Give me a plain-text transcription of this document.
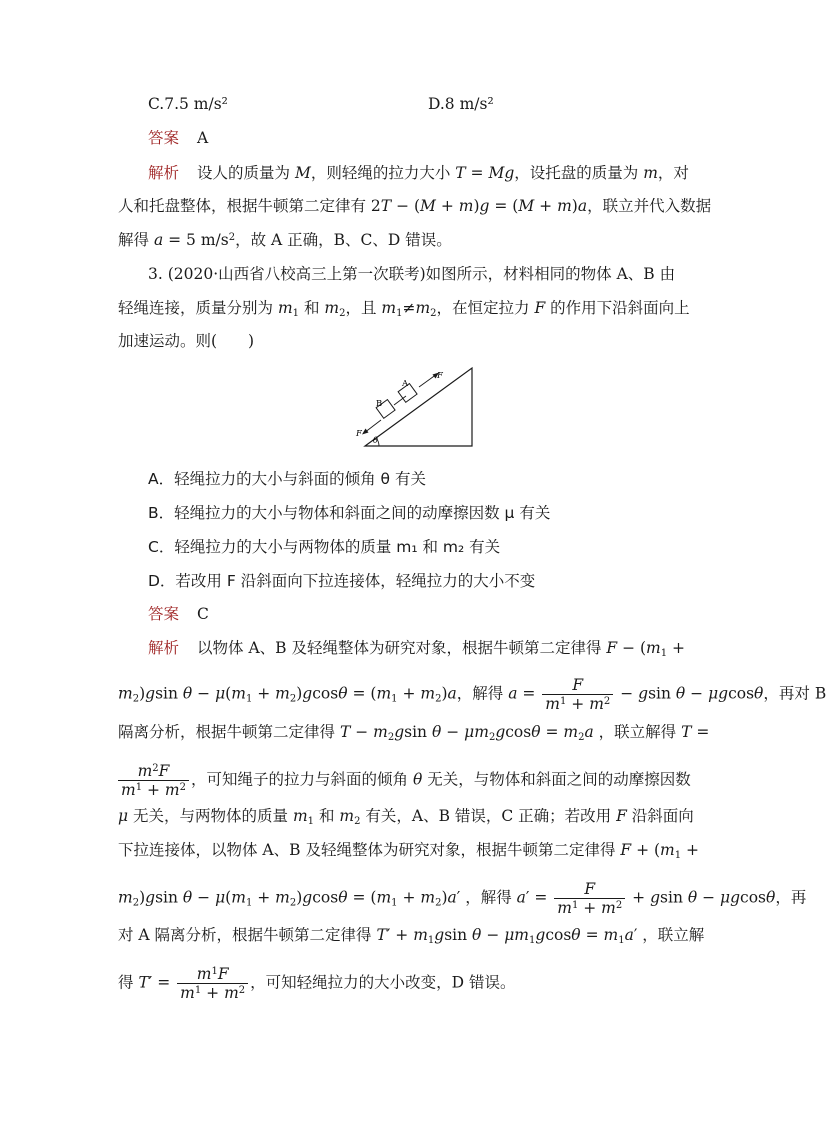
C.7.5 m/s²	D.8 m/s²
答案 A
解析 设人的质量为 M，则轻绳的拉力大小 T = Mg，设托盘的质量为 m，对
人和托盘整体，根据牛顿第二定律有 2T − (M + m)g = (M + m)a，联立并代入数据
解得 a = 5 $m/s^2$，故 A 正确，B、C、D 错误。
3. (2020·山西省八校高三上第一次联考)如图所示，材料相同的物体 A、B 由
轻绳连接，质量分别为 $m_1$ 和 $m_2$，且 $m_1\ne m_2$，在恒定拉力 F 的作用下沿斜面向上
加速运动。则(　　)
A
B
F
F
θ
A．轻绳拉力的大小与斜面的倾角 θ 有关
B．轻绳拉力的大小与物体和斜面之间的动摩擦因数 μ 有关
C．轻绳拉力的大小与两物体的质量 m₁ 和 m₂ 有关
D．若改用 F 沿斜面向下拉连接体，轻绳拉力的大小不变
答案 C
解析 以物体 A、B 及轻绳整体为研究对象，根据牛顿第二定律得 $F - (m_1$ +
$m_2)gsin$ $\theta - \mu(m_1 + m_2)gcos\theta = (m_1 + m_2)a$，解得 $a = \frac{F}{m^1 + m^2} - gsin$ θ − μgcosθ，再对 B
隔离分析，根据牛顿第二定律得 $T - m_2gsin$ $\theta - \mu m_2gcos\theta = m_2a$ ，联立解得 T =
$\frac{m^2F}{m^1 + m^2}$ ，可知绳子的拉力与斜面的倾角 θ 无关，与物体和斜面之间的动摩擦因数
μ 无关，与两物体的质量 $m_1$ 和 $m_2$ 有关，A、B 错误，C 正确；若改用 F 沿斜面向
下拉连接体，以物体 A、B 及轻绳整体为研究对象，根据牛顿第二定律得 $F + (m_1$ +
$m_2)gsin$ $\theta - \mu(m_1 + m_2)gcos\theta = (m_1 + m_2)a'$ ，解得 $a' = \frac{F}{m^1 + m^2} + gsin$ θ − μgcosθ，再
对 A 隔离分析，根据牛顿第二定律得 $T' + m_1gsin$ $\theta - \mu m_1gcos\theta = m_1a'$ ，联立解
得 $T' = \frac{m^1F}{m^1 + m^2}$ ，可知轻绳拉力的大小改变，D 错误。
